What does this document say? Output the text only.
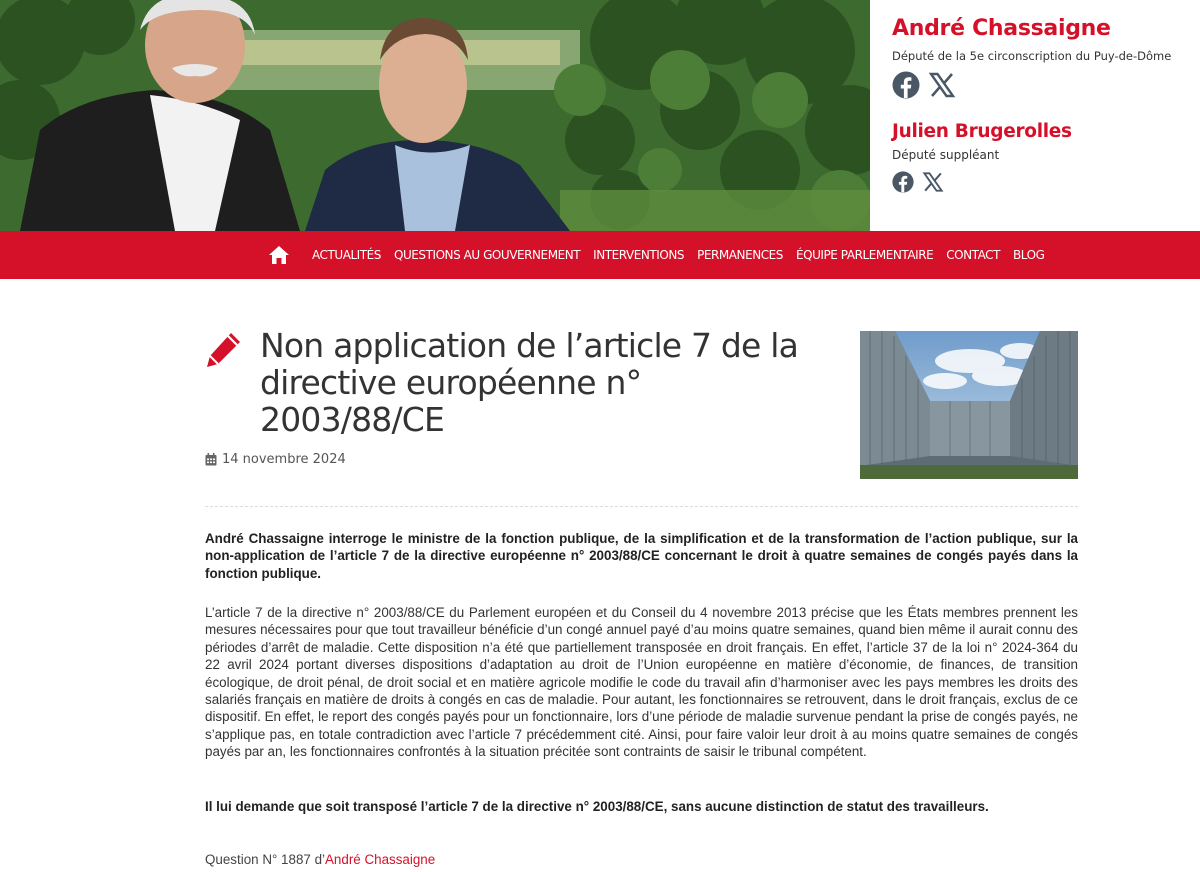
André Chassaigne
Député de la 5e circonscription du Puy-de-Dôme
Julien Brugerolles
Député suppléant
ACTUALITÉS QUESTIONS AU GOUVERNEMENT INTERVENTIONS PERMANENCES ÉQUIPE PARLEMENTAIRE CONTACT BLOG
Non application de l’article 7 de la directive européenne n° 2003/88/CE
14 novembre 2024

André Chassaigne interroge le ministre de la fonction publique, de la simplification et de la transformation de l’action publique, sur la non-application de l’article 7 de la directive européenne n° 2003/88/CE concernant le droit à quatre semaines de congés payés dans la fonction publique.

L’article 7 de la directive n° 2003/88/CE du Parlement européen et du Conseil du 4 novembre 2013 précise que les États membres prennent les mesures nécessaires pour que tout travailleur bénéficie d’un congé annuel payé d’au moins quatre semaines, quand bien même il aurait connu des périodes d’arrêt de maladie. Cette disposition n’a été que partiellement transposée en droit français. En effet, l’article 37 de la loi n° 2024-364 du 22 avril 2024 portant diverses dispositions d’adaptation au droit de l’Union européenne en matière d’économie, de finances, de transition écologique, de droit pénal, de droit social et en matière agricole modifie le code du travail afin d’harmoniser avec les pays membres les droits des salariés français en matière de droits à congés en cas de maladie. Pour autant, les fonctionnaires se retrouvent, dans le droit français, exclus de ce dispositif. En effet, le report des congés payés pour un fonctionnaire, lors d’une période de maladie survenue pendant la prise de congés payés, ne s’applique pas, en totale contradiction avec l’article 7 précédemment cité. Ainsi, pour faire valoir leur droit à au moins quatre semaines de congés payés par an, les fonctionnaires confrontés à la situation précitée sont contraints de saisir le tribunal compétent.

Il lui demande que soit transposé l’article 7 de la directive n° 2003/88/CE, sans aucune distinction de statut des travailleurs.

Question N° 1887 d’André Chassaigne
